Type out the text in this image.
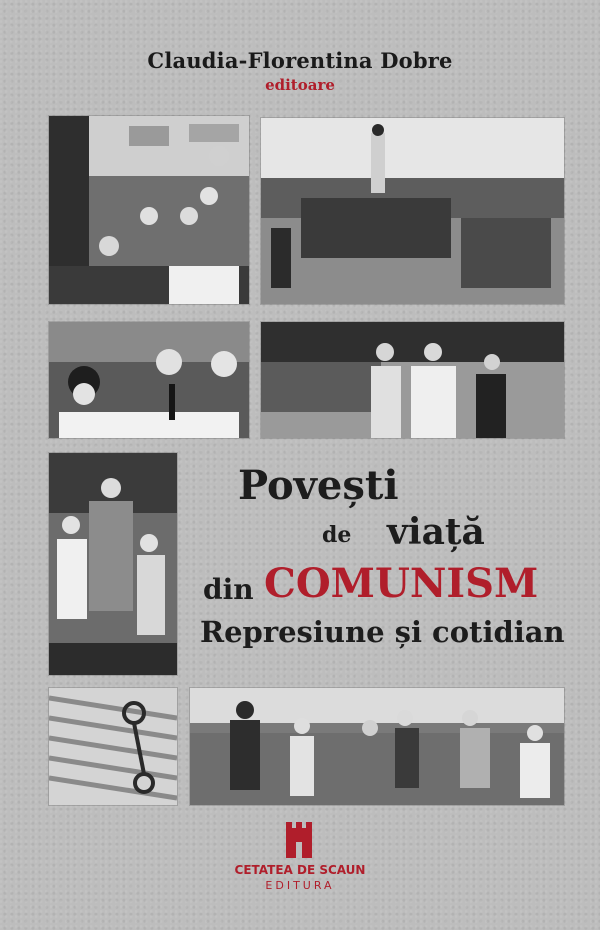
Claudia-Florentina Dobre
editoare
Povești
de viață
din COMUNISM
Represiune și cotidian
CETATEA DE SCAUN
EDITURA
